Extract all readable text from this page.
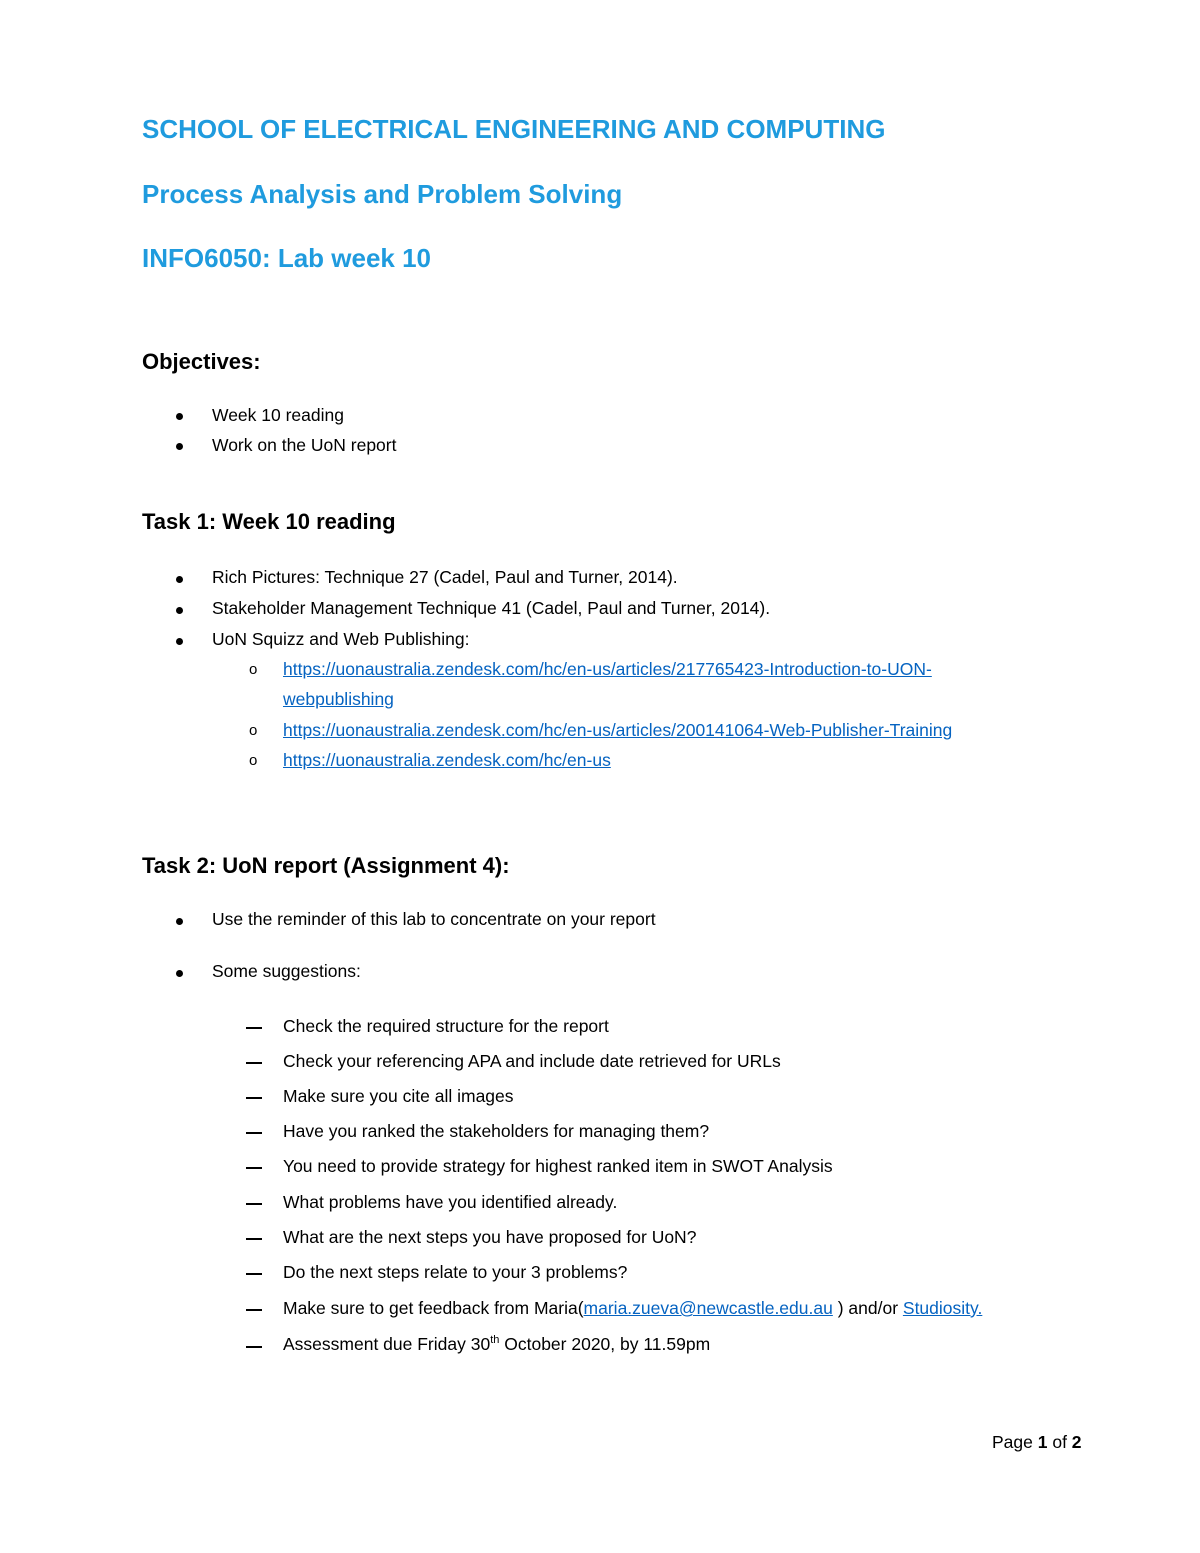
SCHOOL OF ELECTRICAL ENGINEERING AND COMPUTING
Process Analysis and Problem Solving
INFO6050: Lab week 10
Objectives:
Week 10 reading
Work on the UoN report
Task 1: Week 10 reading
Rich Pictures: Technique 27 (Cadel, Paul and Turner, 2014).
Stakeholder Management Technique 41 (Cadel, Paul and Turner, 2014).
UoN Squizz and Web Publishing:
o https://uonaustralia.zendesk.com/hc/en-us/articles/217765423-Introduction-to-UON-
webpublishing
o https://uonaustralia.zendesk.com/hc/en-us/articles/200141064-Web-Publisher-Training
o https://uonaustralia.zendesk.com/hc/en-us
Task 2: UoN report (Assignment 4):
Use the reminder of this lab to concentrate on your report
Some suggestions:
Check the required structure for the report
Check your referencing APA and include date retrieved for URLs
Make sure you cite all images
Have you ranked the stakeholders for managing them?
You need to provide strategy for highest ranked item in SWOT Analysis
What problems have you identified already.
What are the next steps you have proposed for UoN?
Do the next steps relate to your 3 problems?
Make sure to get feedback from Maria(maria.zueva@newcastle.edu.au ) and/or Studiosity.
Assessment due Friday 30th October 2020, by 11.59pm
Page 1 of 2
